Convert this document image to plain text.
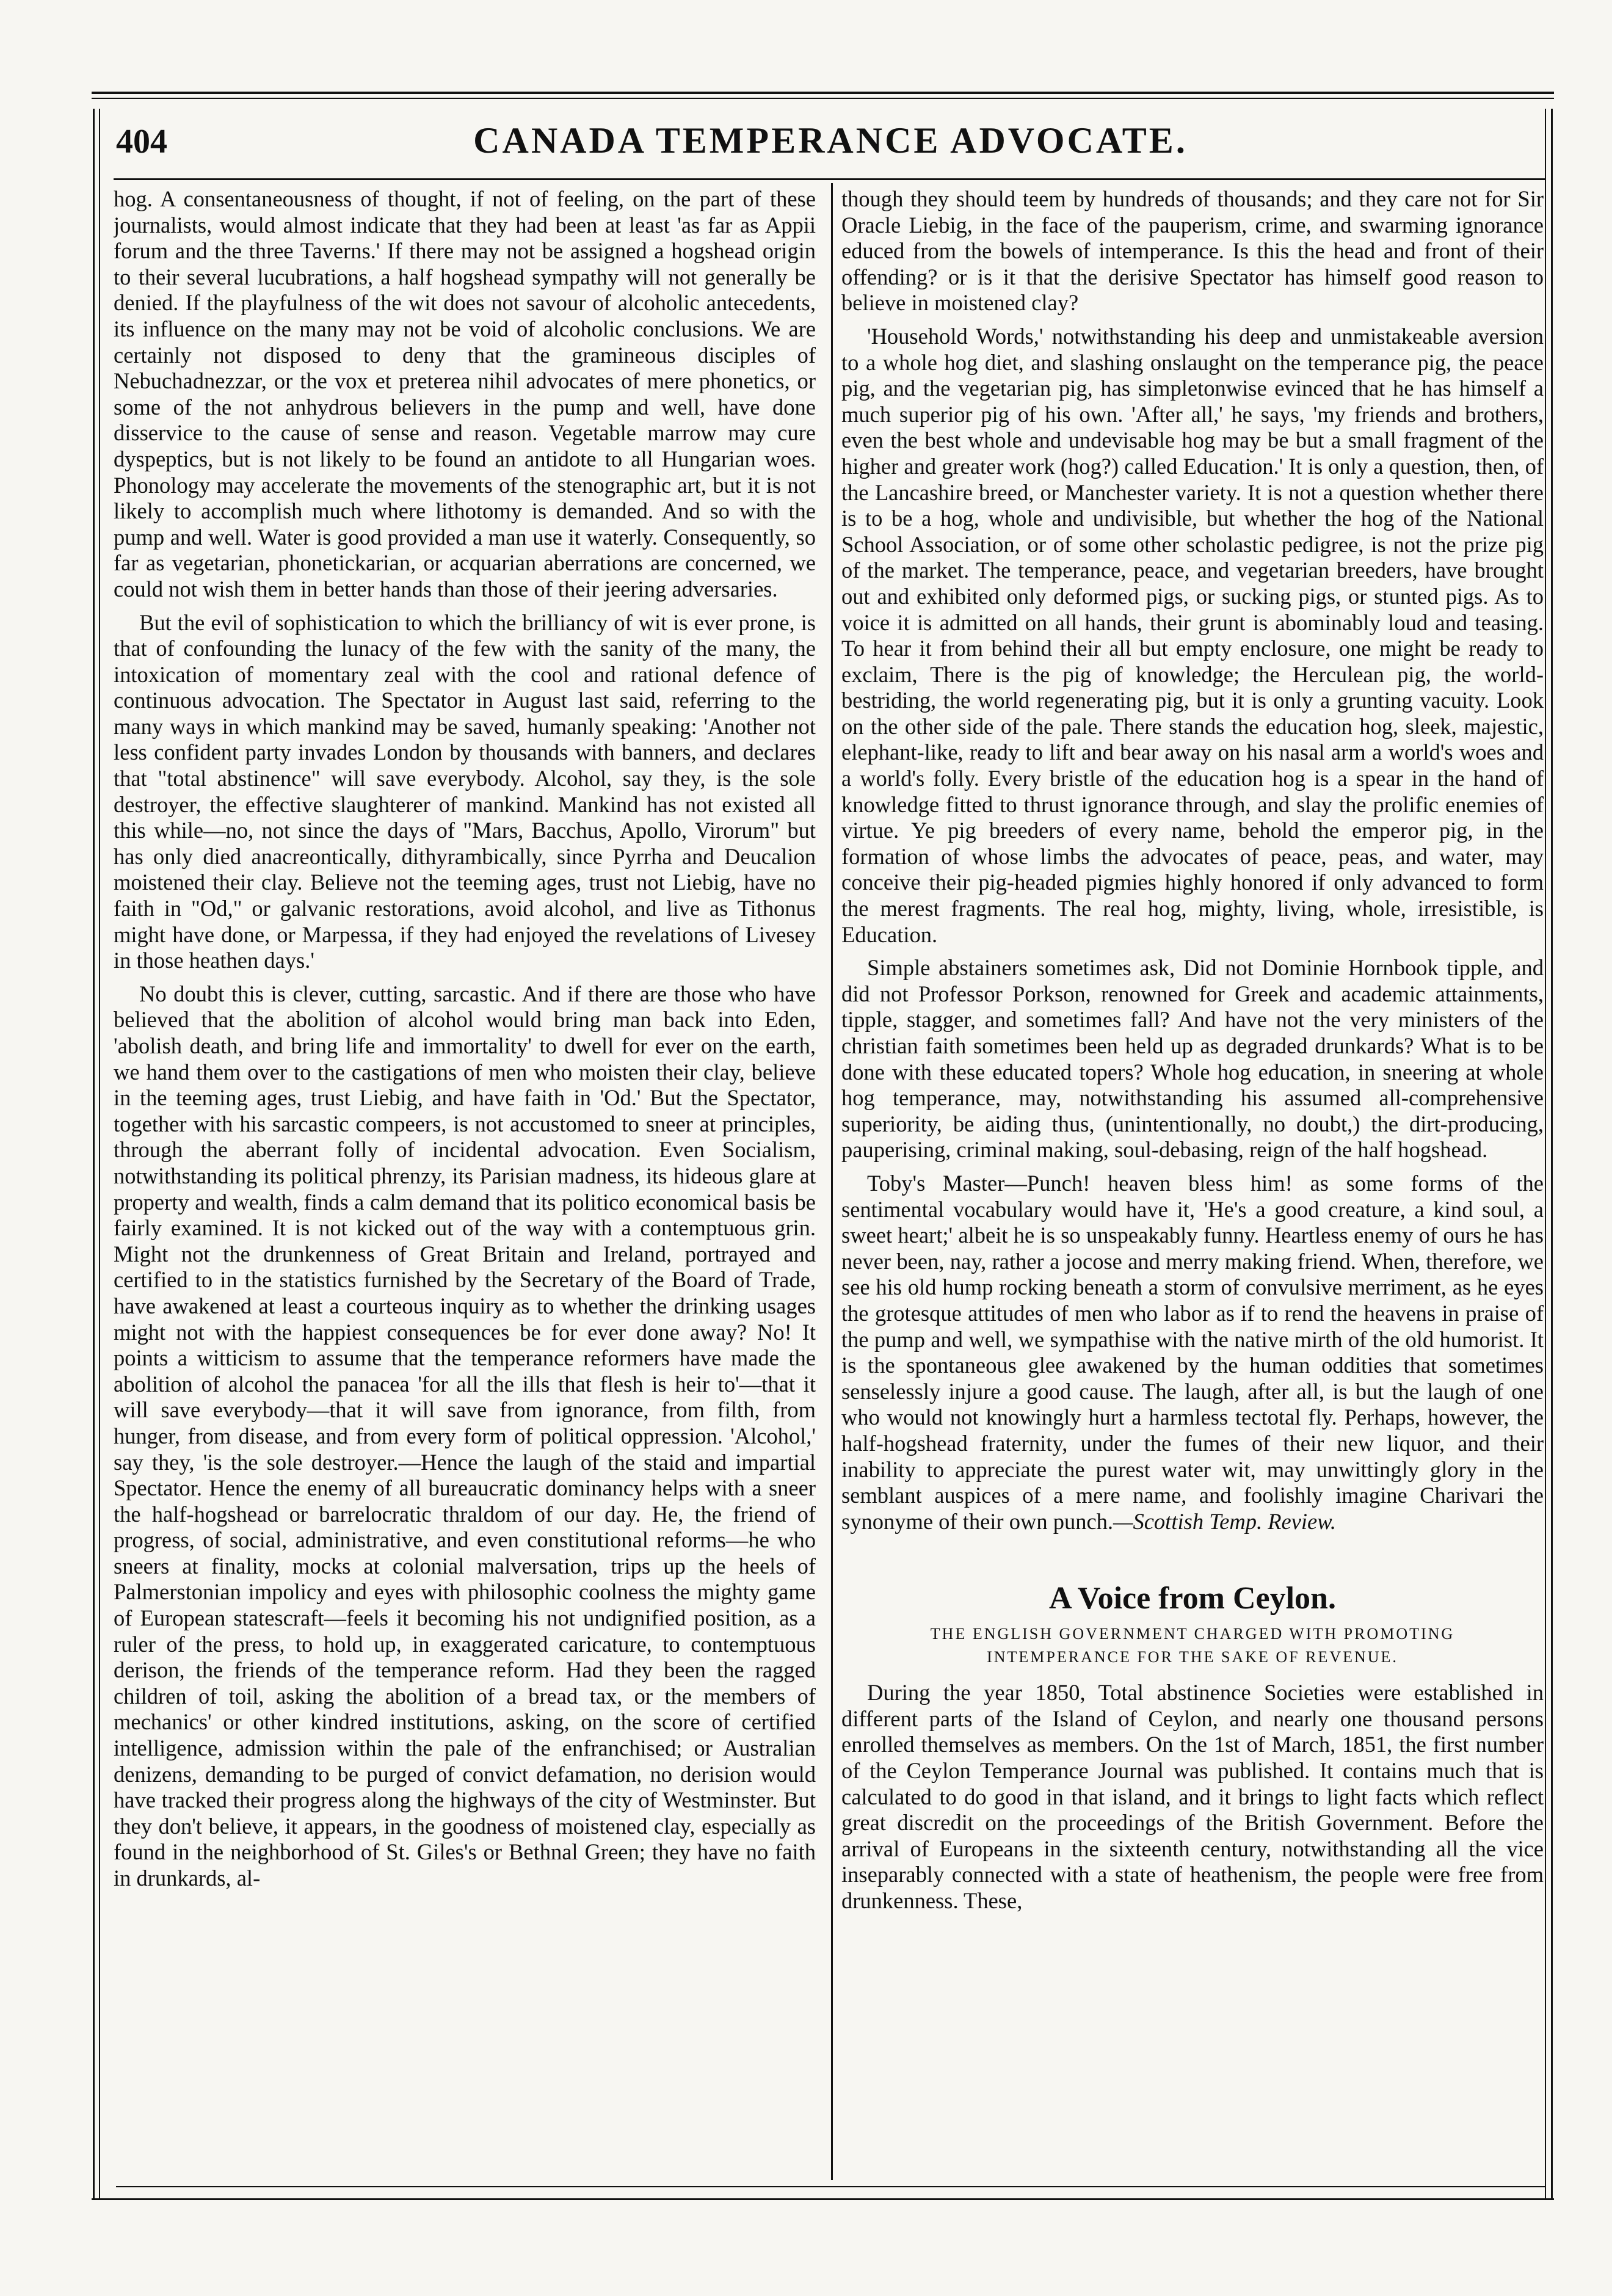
404	CANADA TEMPERANCE ADVOCATE.

hog. A consentaneousness of thought, if not of feeling, on the part of these journalists, would almost indicate that they had been at least 'as far as Appii forum and the three Taverns.' If there may not be assigned a hogshead origin to their several lucubrations, a half hogshead sympathy will not generally be denied. If the playfulness of the wit does not savour of alcoholic antecedents, its influence on the many may not be void of alcoholic conclusions. We are certainly not disposed to deny that the gramineous disciples of Nebuchadnezzar, or the vox et preterea nihil advocates of mere phonetics, or some of the not anhydrous believers in the pump and well, have done disservice to the cause of sense and reason. Vegetable marrow may cure dyspeptics, but is not likely to be found an antidote to all Hungarian woes. Phonology may accelerate the movements of the stenographic art, but it is not likely to accomplish much where lithotomy is demanded. And so with the pump and well. Water is good provided a man use it waterly. Consequently, so far as vegetarian, phonetickarian, or acquarian aberrations are concerned, we could not wish them in better hands than those of their jeering adversaries.

But the evil of sophistication to which the brilliancy of wit is ever prone, is that of confounding the lunacy of the few with the sanity of the many, the intoxication of momentary zeal with the cool and rational defence of continuous advocation. The Spectator in August last said, referring to the many ways in which mankind may be saved, humanly speaking: 'Another not less confident party invades London by thousands with banners, and declares that "total abstinence" will save everybody. Alcohol, say they, is the sole destroyer, the effective slaughterer of mankind. Mankind has not existed all this while—no, not since the days of "Mars, Bacchus, Apollo, Virorum" but has only died anacreontically, dithyrambically, since Pyrrha and Deucalion moistened their clay. Believe not the teeming ages, trust not Liebig, have no faith in "Od," or galvanic restorations, avoid alcohol, and live as Tithonus might have done, or Marpessa, if they had enjoyed the revelations of Livesey in those heathen days.'

No doubt this is clever, cutting, sarcastic. And if there are those who have believed that the abolition of alcohol would bring man back into Eden, 'abolish death, and bring life and immortality' to dwell for ever on the earth, we hand them over to the castigations of men who moisten their clay, believe in the teeming ages, trust Liebig, and have faith in 'Od.' But the Spectator, together with his sarcastic compeers, is not accustomed to sneer at principles, through the aberrant folly of incidental advocation. Even Socialism, notwithstanding its political phrenzy, its Parisian madness, its hideous glare at property and wealth, finds a calm demand that its politico economical basis be fairly examined. It is not kicked out of the way with a contemptuous grin. Might not the drunkenness of Great Britain and Ireland, portrayed and certified to in the statistics furnished by the Secretary of the Board of Trade, have awakened at least a courteous inquiry as to whether the drinking usages might not with the happiest consequences be for ever done away? No! It points a witticism to assume that the temperance reformers have made the abolition of alcohol the panacea 'for all the ills that flesh is heir to'—that it will save everybody—that it will save from ignorance, from filth, from hunger, from disease, and from every form of political oppression. 'Alcohol,' say they, 'is the sole destroyer.—Hence the laugh of the staid and impartial Spectator. Hence the enemy of all bureaucratic dominancy helps with a sneer the half-hogshead or barrelocratic thraldom of our day. He, the friend of progress, of social, administrative, and even constitutional reforms—he who sneers at finality, mocks at colonial malversation, trips up the heels of Palmerstonian impolicy and eyes with philosophic coolness the mighty game of European statescraft—feels it becoming his not undignified position, as a ruler of the press, to hold up, in exaggerated caricature, to contemptuous derison, the friends of the temperance reform. Had they been the ragged children of toil, asking the abolition of a bread tax, or the members of mechanics' or other kindred institutions, asking, on the score of certified intelligence, admission within the pale of the enfranchised; or Australian denizens, demanding to be purged of convict defamation, no derision would have tracked their progress along the highways of the city of Westminster. But they don't believe, it appears, in the goodness of moistened clay, especially as found in the neighborhood of St. Giles's or Bethnal Green; they have no faith in drunkards, al-

though they should teem by hundreds of thousands; and they care not for Sir Oracle Liebig, in the face of the pauperism, crime, and swarming ignorance educed from the bowels of intemperance. Is this the head and front of their offending? or is it that the derisive Spectator has himself good reason to believe in moistened clay?

'Household Words,' notwithstanding his deep and unmistakeable aversion to a whole hog diet, and slashing onslaught on the temperance pig, the peace pig, and the vegetarian pig, has simpletonwise evinced that he has himself a much superior pig of his own. 'After all,' he says, 'my friends and brothers, even the best whole and undevisable hog may be but a small fragment of the higher and greater work (hog?) called Education.' It is only a question, then, of the Lancashire breed, or Manchester variety. It is not a question whether there is to be a hog, whole and undivisible, but whether the hog of the National School Association, or of some other scholastic pedigree, is not the prize pig of the market. The temperance, peace, and vegetarian breeders, have brought out and exhibited only deformed pigs, or sucking pigs, or stunted pigs. As to voice it is admitted on all hands, their grunt is abominably loud and teasing. To hear it from behind their all but empty enclosure, one might be ready to exclaim, There is the pig of knowledge; the Herculean pig, the world-bestriding, the world regenerating pig, but it is only a grunting vacuity. Look on the other side of the pale. There stands the education hog, sleek, majestic, elephant-like, ready to lift and bear away on his nasal arm a world's woes and a world's folly. Every bristle of the education hog is a spear in the hand of knowledge fitted to thrust ignorance through, and slay the prolific enemies of virtue. Ye pig breeders of every name, behold the emperor pig, in the formation of whose limbs the advocates of peace, peas, and water, may conceive their pig-headed pigmies highly honored if only advanced to form the merest fragments. The real hog, mighty, living, whole, irresistible, is Education.

Simple abstainers sometimes ask, Did not Dominie Hornbook tipple, and did not Professor Porkson, renowned for Greek and academic attainments, tipple, stagger, and sometimes fall? And have not the very ministers of the christian faith sometimes been held up as degraded drunkards? What is to be done with these educated topers? Whole hog education, in sneering at whole hog temperance, may, notwithstanding his assumed all-comprehensive superiority, be aiding thus, (unintentionally, no doubt,) the dirt-producing, pauperising, criminal making, soul-debasing, reign of the half hogshead.

Toby's Master—Punch! heaven bless him! as some forms of the sentimental vocabulary would have it, 'He's a good creature, a kind soul, a sweet heart;' albeit he is so unspeakably funny. Heartless enemy of ours he has never been, nay, rather a jocose and merry making friend. When, therefore, we see his old hump rocking beneath a storm of convulsive merriment, as he eyes the grotesque attitudes of men who labor as if to rend the heavens in praise of the pump and well, we sympathise with the native mirth of the old humorist. It is the spontaneous glee awakened by the human oddities that sometimes senselessly injure a good cause. The laugh, after all, is but the laugh of one who would not knowingly hurt a harmless tectotal fly. Perhaps, however, the half-hogshead fraternity, under the fumes of their new liquor, and their inability to appreciate the purest water wit, may unwittingly glory in the semblant auspices of a mere name, and foolishly imagine Charivari the synonyme of their own punch.—Scottish Temp. Review.

A Voice from Ceylon.
THE ENGLISH GOVERNMENT CHARGED WITH PROMOTING INTEMPERANCE FOR THE SAKE OF REVENUE.

During the year 1850, Total abstinence Societies were established in different parts of the Island of Ceylon, and nearly one thousand persons enrolled themselves as members. On the 1st of March, 1851, the first number of the Ceylon Temperance Journal was published. It contains much that is calculated to do good in that island, and it brings to light facts which reflect great discredit on the proceedings of the British Government. Before the arrival of Europeans in the sixteenth century, notwithstanding all the vice inseparably connected with a state of heathenism, the people were free from drunkenness. These,
